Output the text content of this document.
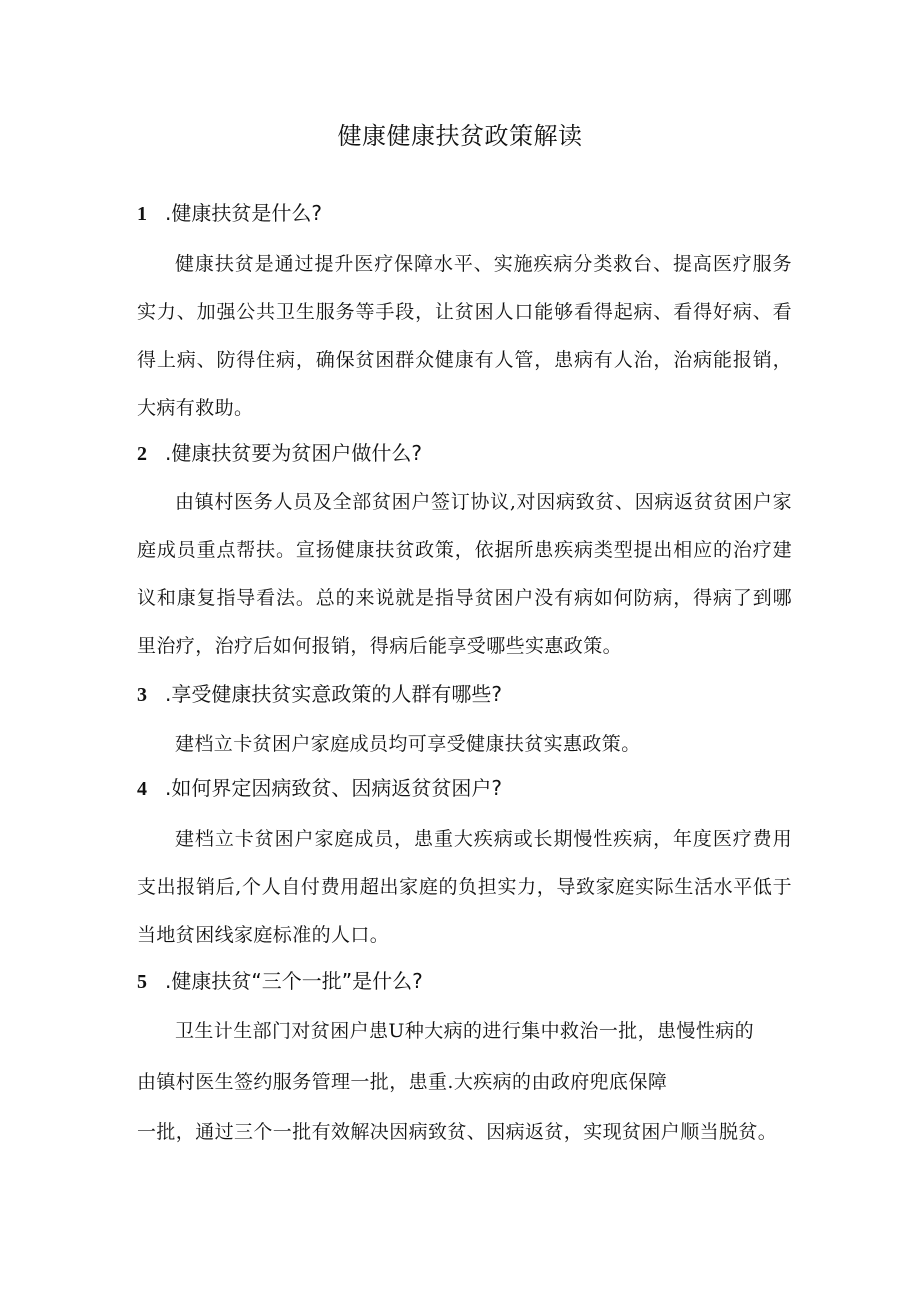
健康健康扶贫政策解读
1 .健康扶贫是什么?
健康扶贫是通过提升医疗保障水平、实施疾病分类救台、提高医疗服务实力、加强公共卫生服务等手段，让贫困人口能够看得起病、看得好病、看得上病、防得住病，确保贫困群众健康有人管，患病有人治，治病能报销，大病有救助。
2 .健康扶贫要为贫困户做什么?
由镇村医务人员及全部贫困户签订协议,对因病致贫、因病返贫贫困户家庭成员重点帮扶。宣扬健康扶贫政策，依据所患疾病类型提出相应的治疗建议和康复指导看法。总的来说就是指导贫困户没有病如何防病，得病了到哪里治疗，治疗后如何报销，得病后能享受哪些实惠政策。
3 .享受健康扶贫实意政策的人群有哪些?
建档立卡贫困户家庭成员均可享受健康扶贫实惠政策。
4 .如何界定因病致贫、因病返贫贫困户?
建档立卡贫困户家庭成员，患重大疾病或长期慢性疾病，年度医疗费用支出报销后,个人自付费用超出家庭的负担实力，导致家庭实际生活水平低于当地贫困线家庭标准的人口。
5 .健康扶贫“三个一批”是什么?
卫生计生部门对贫困户患U种大病的进行集中救治一批，患慢性病的
由镇村医生签约服务管理一批，患重.大疾病的由政府兜底保障
一批，通过三个一批有效解决因病致贫、因病返贫，实现贫困户顺当脱贫。
